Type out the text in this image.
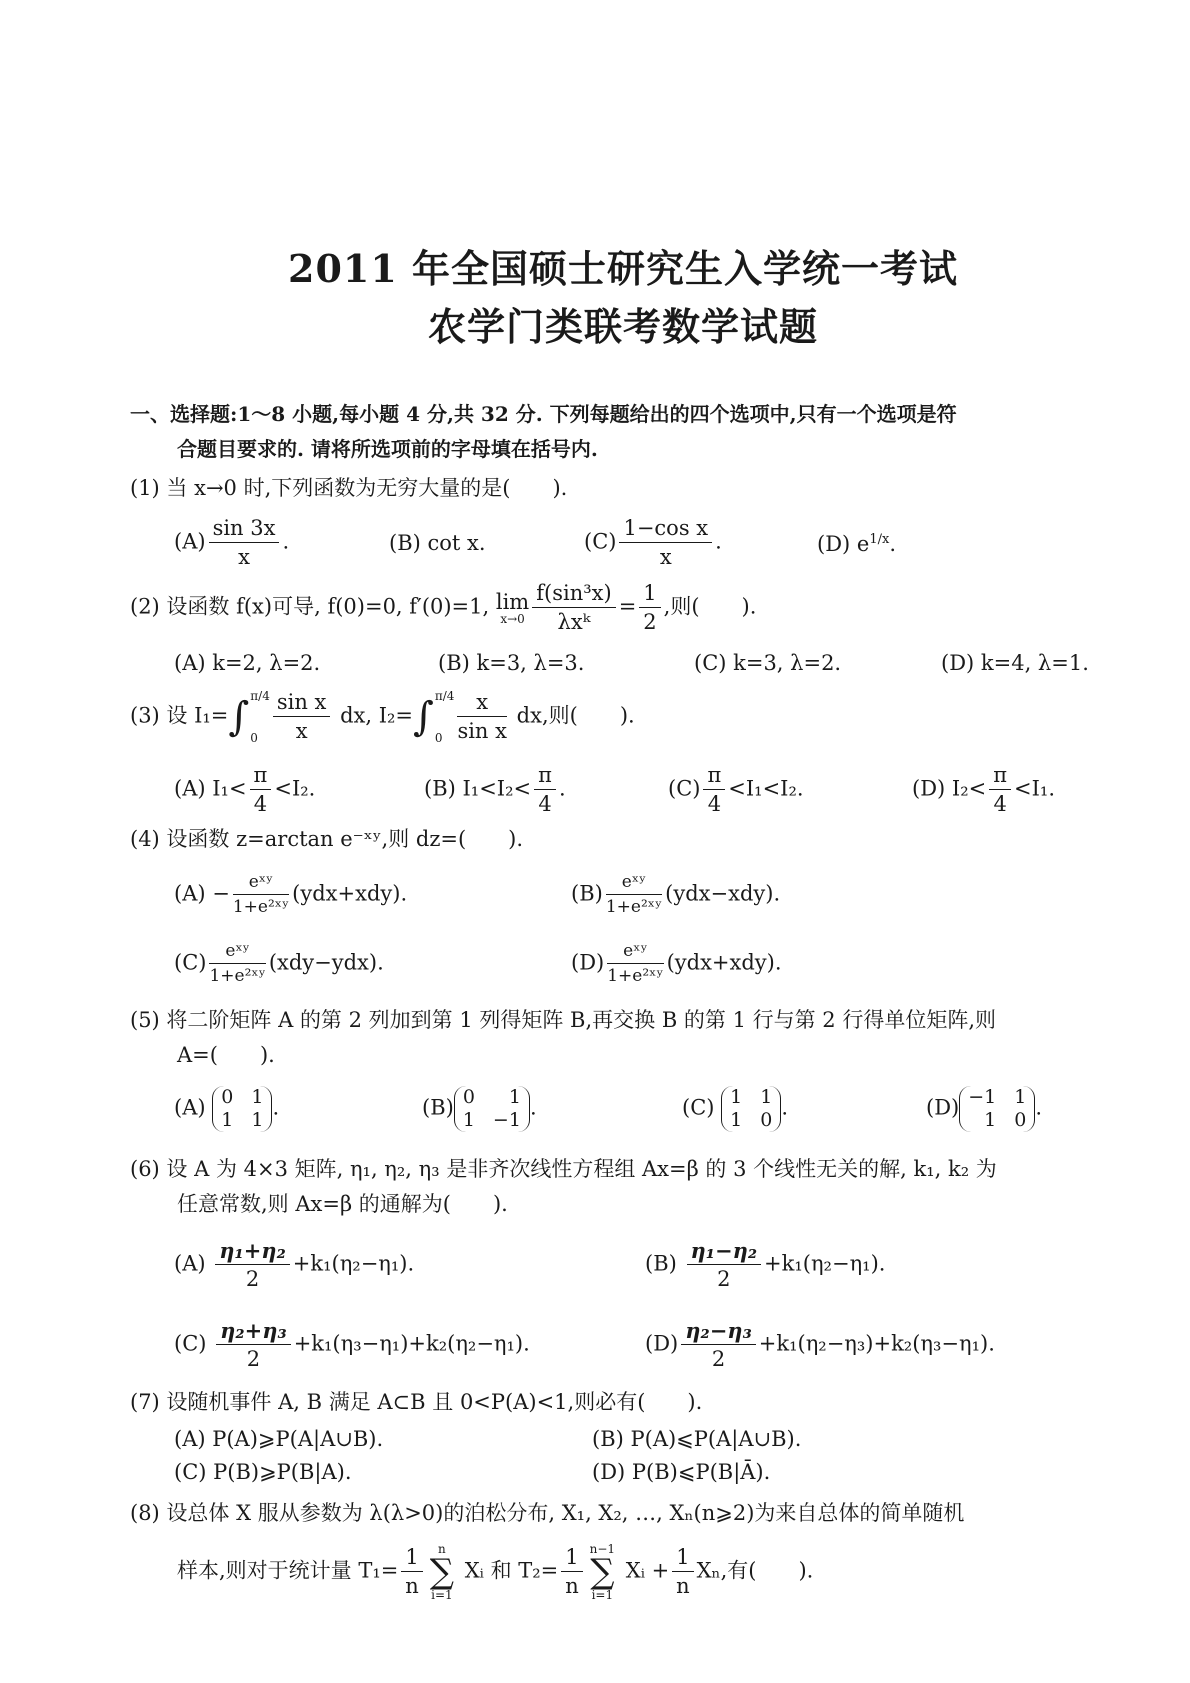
2011 年全国硕士研究生入学统一考试
农学门类联考数学试题
一、选择题:1～8 小题,每小题 4 分,共 32 分. 下列每题给出的四个选项中,只有一个选项是符
合题目要求的. 请将所选项前的字母填在括号内.
(1) 当 x→0 时,下列函数为无穷大量的是(　　).
$(A) \frac{\sin 3x}{x}$ .	(B) cot x.	$(C) \frac{\text{1−cos x}}{x}$ .	(D) $e^{1/x}$.
(2) 设函数 f(x)可导, f(0)=0, f′(0)=1, lim
$x\to 0 \frac{\text{f(sin³x)}}{\text{λxᵏ}} = \frac{1}{2}$ ,则(　　).
(A) k=2, λ=2.	(B) k=3, λ=3.	(C) k=3, λ=2.	(D) k=4, λ=1.
(3) 设 I₁= ∫ π/4
$0 \frac{\text{sin x}}{x}$ dx, I₂= ∫ π/4
$0 \frac{x}{\text{sin x}}$ dx,则(　　).
(A) $I_1< \frac{\pi}{4} <I_2$.	(B) $I_1<I_2< \frac{\pi}{4}$ .	$(C) \frac{\pi}{4} <I_1<I_2$.	(D) $I_2< \frac{\pi}{4} <I_1$.
(4) 设函数 z=arctan e⁻ˣʸ,则 dz=(　　).
$(A) - \frac{\text{eˣʸ}}{\text{1+e²ˣʸ}} (ydx+xdy)$.	$(B) \frac{\text{eˣʸ}}{\text{1+e²ˣʸ}} (ydx-xdy)$.
$(C) \frac{\text{eˣʸ}}{\text{1+e²ˣʸ}} (xdy-ydx)$.	$(D) \frac{\text{eˣʸ}}{\text{1+e²ˣʸ}} (ydx+xdy)$.
(5) 将二阶矩阵 A 的第 2 列加到第 1 列得矩阵 B,再交换 B 的第 1 行与第 2 行得单位矩阵,则
A=(　　).
(A) 0 1
1 1
.	(B) 0	1
1 −1
.	(C) 1 1
1 0
.	(D) −1 1
1 0
.
(6) 设 A 为 4×3 矩阵, η₁, η₂, η₃ 是非齐次线性方程组 Ax=β 的 3 个线性无关的解, k₁, k₂ 为
任意常数,则 Ax=β 的通解为(　　).
$(A) \frac{\text{η₁+η₂}}{2} +k_1(\eta_2-\eta_1)$.	$(B) \frac{\text{η₁−η₂}}{2} +k_1(\eta_2-\eta_1)$.
$(C) \frac{\text{η₂+η₃}}{2} +k_1(\eta_3-\eta_1)+k_2(\eta_2-\eta_1)$.	$(D) \frac{\text{η₂−η₃}}{2} +k_1(\eta_2-\eta_3)+k_2(\eta_3-\eta_1)$.
(7) 设随机事件 A, B 满足 A⊂B 且 0<P(A)<1,则必有(　　).
(A) P(A)⩾P(A|A∪B).	(B) P(A)⩽P(A|A∪B).
(C) P(B)⩾P(B|A).	(D) P(B)⩽P(B|Ā).
(8) 设总体 X 服从参数为 λ(λ>0)的泊松分布, X₁, X₂, …, Xₙ(n⩾2)为来自总体的简单随机
样本,则对于统计量 $T_1= \frac{1}{n}$ n
∑
i=1
Xᵢ 和 $T_2= \frac{1}{n} n-1$
∑
i=1
Xᵢ + $\frac{1}{n} X_n$,有(　　).
